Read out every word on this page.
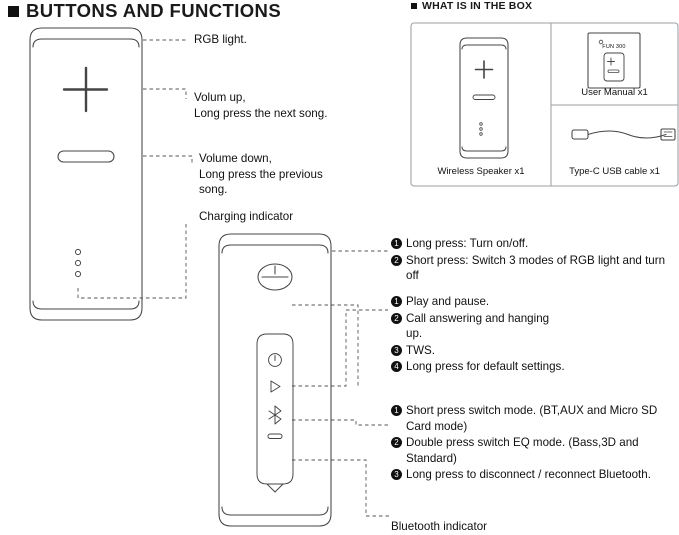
BUTTONS AND FUNCTIONS	WHAT IS IN THE BOX
RGB light.
Volum up,
Long press the next song.
Volume down,
Long press the previous
song.
Charging indicator
Wireless Speaker x1
User Manual x1
Type-C USB cable x1
FUN 300
1 Long press: Turn on/off.
2 Short press: Switch 3 modes of RGB light and turn off
1 Play and pause.
2 Call answering and hanging up.
3 TWS.
4 Long press for default settings.
1 Short press switch mode. (BT,AUX and Micro SD Card mode)
2 Double press switch EQ mode. (Bass,3D and Standard)
3 Long press to disconnect / reconnect Bluetooth.
Bluetooth indicator
